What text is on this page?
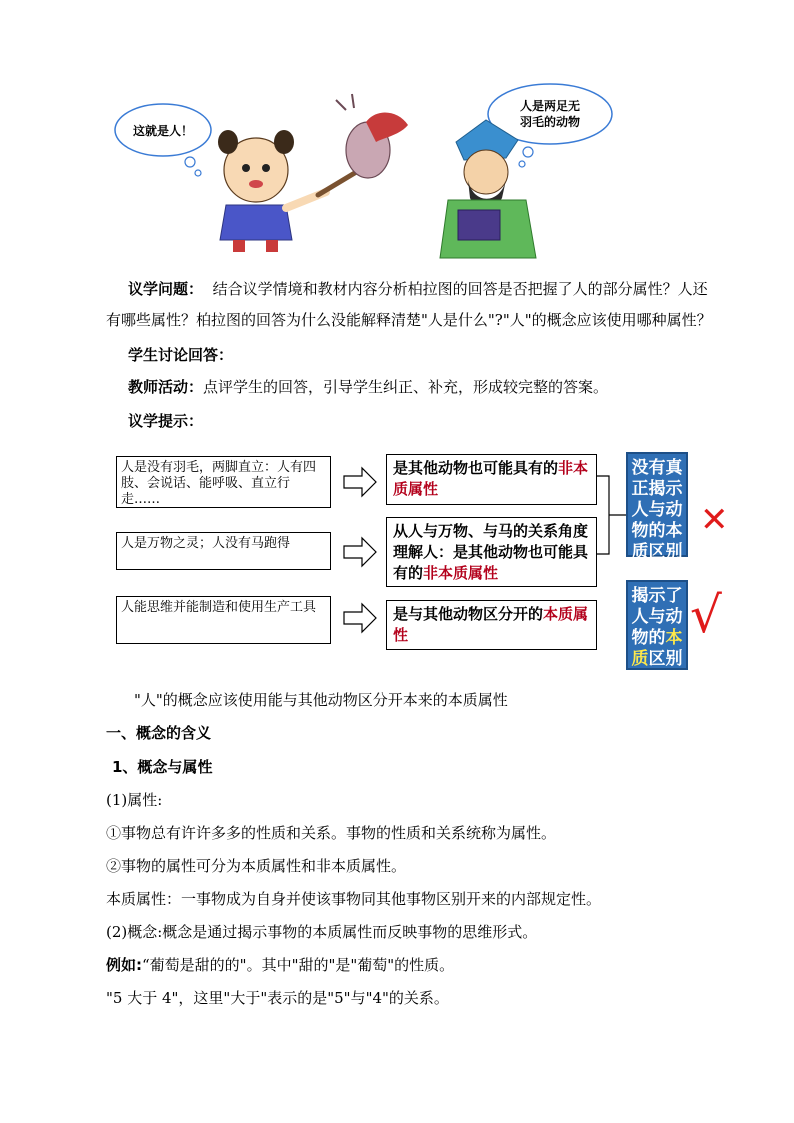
这就是人！
人是两足无
羽毛的动物
议学问题： 结合议学情境和教材内容分析柏拉图的回答是否把握了人的部分属性？人还
有哪些属性？柏拉图的回答为什么没能解释清楚"人是什么"?"人"的概念应该使用哪种属性？
学生讨论回答：
教师活动：点评学生的回答，引导学生纠正、补充，形成较完整的答案。
议学提示：
人是没有羽毛，两脚直立：人有四肢、会说话、能呼吸、直立行走……
人是万物之灵；人没有马跑得
人能思维并能制造和使用生产工具
是其他动物也可能具有的非本质属性
从人与万物、与马的关系角度理解人：是其他动物也可能具有的非本质属性
是与其他动物区分开的本质属性
没有真正揭示人与动物的本质区别
揭示了人与动物的本
质区别
✕
√
"人"的概念应该使用能与其他动物区分开本来的本质属性
一、概念的含义
1、概念与属性
(1)属性:
①事物总有许许多多的性质和关系。事物的性质和关系统称为属性。
②事物的属性可分为本质属性和非本质属性。
本质属性：一事物成为自身并使该事物同其他事物区别开来的内部规定性。
(2)概念:概念是通过揭示事物的本质属性而反映事物的思维形式。
例如:“葡萄是甜的的"。其中"甜的"是"葡萄"的性质。
"5 大于 4"，这里"大于"表示的是"5"与"4"的关系。
